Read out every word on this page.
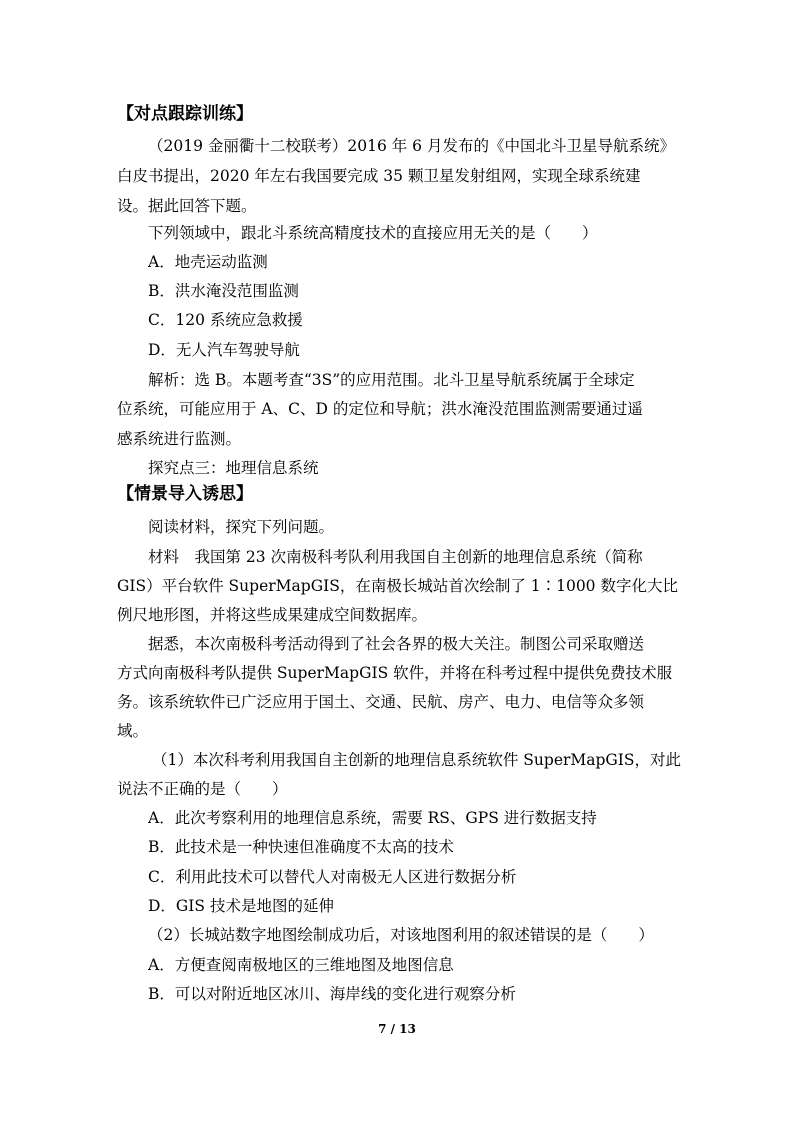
【对点跟踪训练】
（2019 金丽衢十二校联考）2016 年 6 月发布的《中国北斗卫星导航系统》
白皮书提出，2020 年左右我国要完成 35 颗卫星发射组网，实现全球系统建
设。据此回答下题。
下列领域中，跟北斗系统高精度技术的直接应用无关的是（　　）
A．地壳运动监测
B．洪水淹没范围监测
C．120 系统应急救援
D．无人汽车驾驶导航
解析：选 B。本题考查“3S”的应用范围。北斗卫星导航系统属于全球定
位系统，可能应用于 A、C、D 的定位和导航；洪水淹没范围监测需要通过遥
感系统进行监测。
探究点三：地理信息系统
【情景导入诱思】
阅读材料，探究下列问题。
材料　我国第 23 次南极科考队利用我国自主创新的地理信息系统（简称
GIS）平台软件 SuperMapGIS，在南极长城站首次绘制了 1∶1000 数字化大比
例尺地形图，并将这些成果建成空间数据库。
据悉，本次南极科考活动得到了社会各界的极大关注。制图公司采取赠送
方式向南极科考队提供 SuperMapGIS 软件，并将在科考过程中提供免费技术服
务。该系统软件已广泛应用于国土、交通、民航、房产、电力、电信等众多领
域。
（1）本次科考利用我国自主创新的地理信息系统软件 SuperMapGIS，对此
说法不正确的是（　　）
A．此次考察利用的地理信息系统，需要 RS、GPS 进行数据支持
B．此技术是一种快速但准确度不太高的技术
C．利用此技术可以替代人对南极无人区进行数据分析
D．GIS 技术是地图的延伸
（2）长城站数字地图绘制成功后，对该地图利用的叙述错误的是（　　）
A．方便查阅南极地区的三维地图及地图信息
B．可以对附近地区冰川、海岸线的变化进行观察分析
7 / 13
